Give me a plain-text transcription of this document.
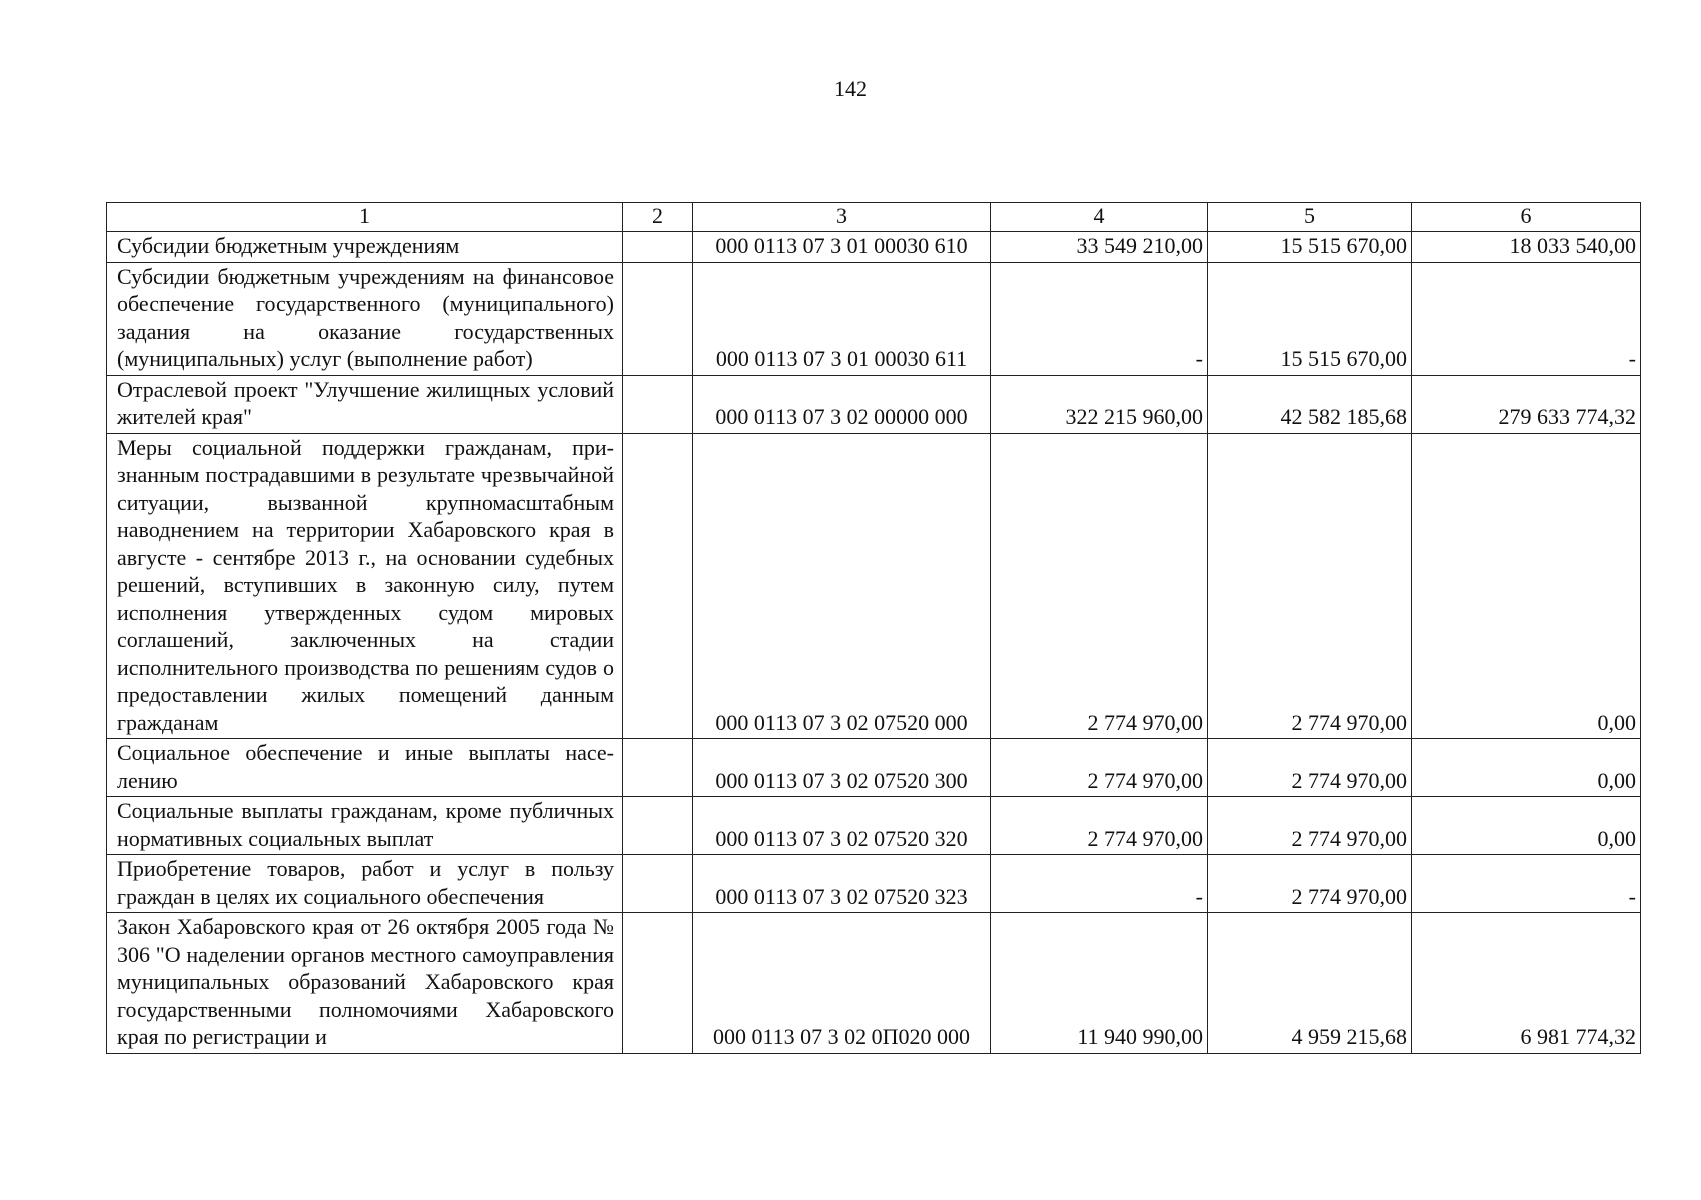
142
1	2	3	4	5	6
Субсидии бюджетным учреждениям		000 0113 07 3 01 00030 610	33 549 210,00	15 515 670,00	18 033 540,00
Субсидии бюджетным учреждениям на финансовое обеспечение государственного (муниципального) задания на оказание государственных (муниципальных) услуг (выполнение работ)		000 0113 07 3 01 00030 611	-	15 515 670,00	-
Отраслевой проект "Улучшение жилищных условий жителей края"		000 0113 07 3 02 00000 000	322 215 960,00	42 582 185,68	279 633 774,32
Меры социальной поддержки гражданам, признанным пострадавшими в результате чрезвычайной ситуации, вызванной крупномасштабным наводнением на территории Хабаровского края в августе - сентябре 2013 г., на основании судебных решений, вступивших в законную силу, путем исполнения утвержденных судом мировых соглашений, заключенных на стадии исполнительного производства по решениям судов о предоставлении жилых помещений данным гражданам		000 0113 07 3 02 07520 000	2 774 970,00	2 774 970,00	0,00
Социальное обеспечение и иные выплаты населению		000 0113 07 3 02 07520 300	2 774 970,00	2 774 970,00	0,00
Социальные выплаты гражданам, кроме публичных нормативных социальных выплат		000 0113 07 3 02 07520 320	2 774 970,00	2 774 970,00	0,00
Приобретение товаров, работ и услуг в пользу граждан в целях их социального обеспечения		000 0113 07 3 02 07520 323	-	2 774 970,00	-
Закон Хабаровского края от 26 октября 2005 года № 306 "О наделении органов местного самоуправления муниципальных образований Хабаровского края государственными полномочиями Хабаровского края по регистрации и		000 0113 07 3 02 0П020 000	11 940 990,00	4 959 215,68	6 981 774,32
